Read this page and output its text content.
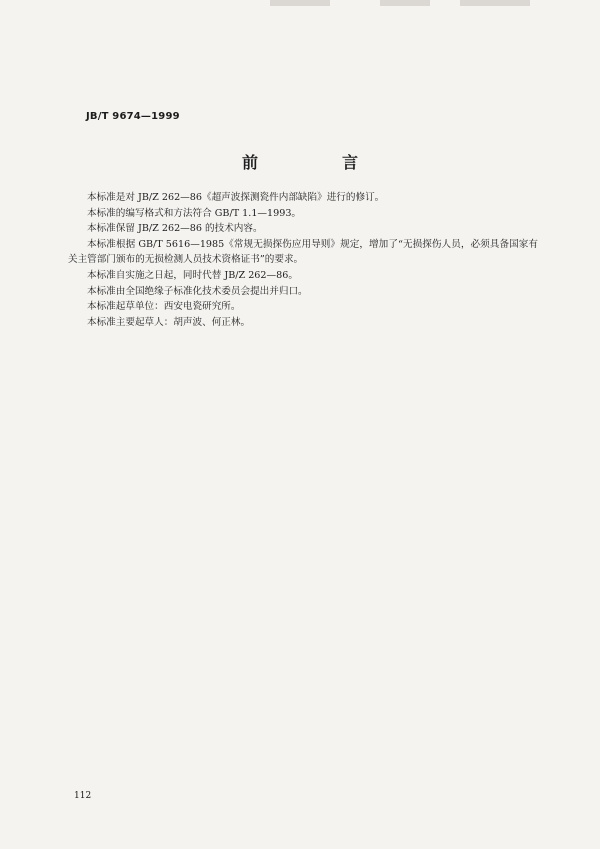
JB/T 9674—1999
前　言

本标准是对 JB/Z 262—86《超声波探测瓷件内部缺陷》进行的修订。

本标准的编写格式和方法符合 GB/T 1.1—1993。

本标准保留 JB/Z 262—86 的技术内容。

本标准根据 GB/T 5616—1985《常规无损探伤应用导则》规定，增加了“无损探伤人员，必须具备国家有关主管部门颁布的无损检测人员技术资格证书”的要求。

本标准自实施之日起，同时代替 JB/Z 262—86。

本标准由全国绝缘子标准化技术委员会提出并归口。

本标准起草单位：西安电瓷研究所。

本标准主要起草人：胡声波、何正林。

112
